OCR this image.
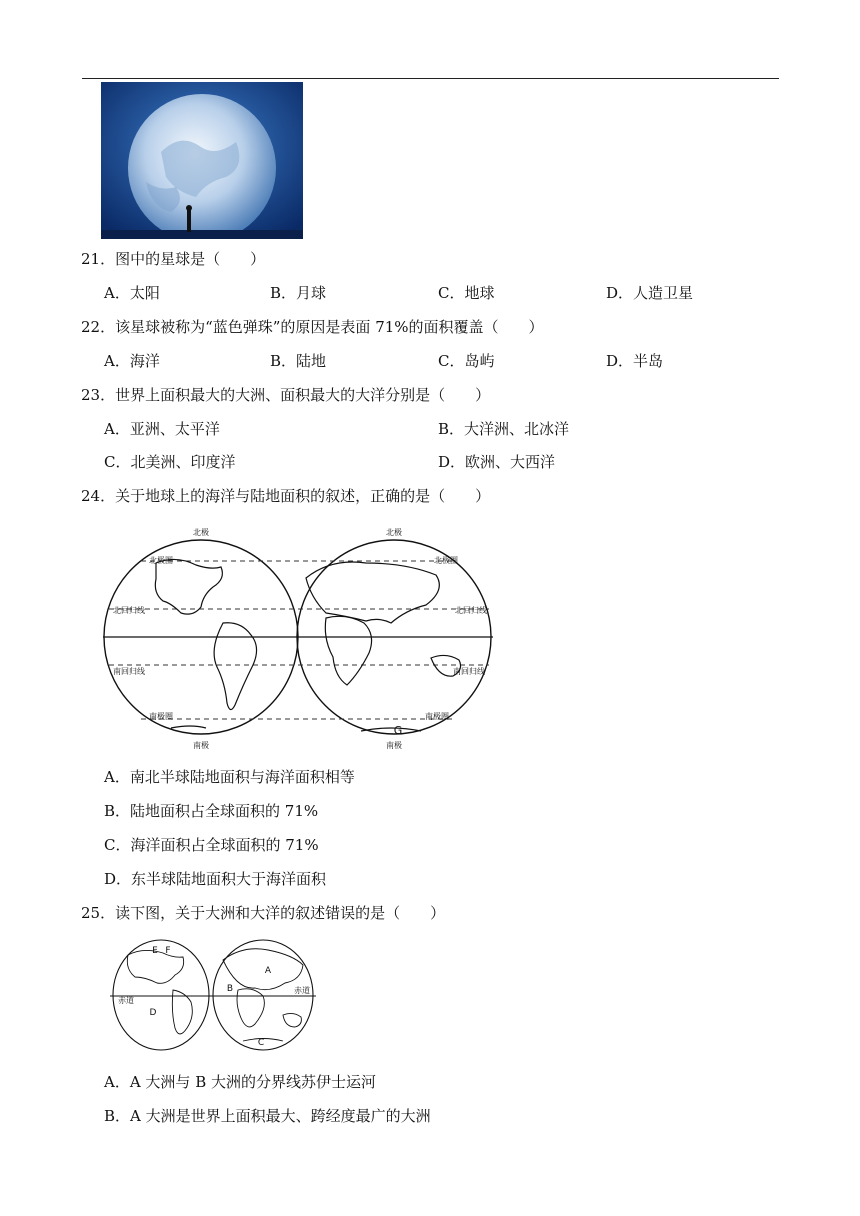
21．图中的星球是（　　）
A．太阳	B．月球	C．地球	D．人造卫星
22．该星球被称为“蓝色弹珠”的原因是表面 71%的面积覆盖（　　）
A．海洋	B．陆地	C．岛屿	D．半岛
23．世界上面积最大的大洲、面积最大的大洋分别是（　　）
A．亚洲、太平洋	B．大洋洲、北冰洋
C．北美洲、印度洋	D．欧洲、大西洋
24．关于地球上的海洋与陆地面积的叙述，正确的是（　　）
北极	北极
北极圈	北极圈
北回归线	北回归线
南回归线	南回归线
南极圈	南极圈
南极	南极
G
A．南北半球陆地面积与海洋面积相等
B．陆地面积占全球面积的 71%
C．海洋面积占全球面积的 71%
D．东半球陆地面积大于海洋面积
25．读下图，关于大洲和大洋的叙述错误的是（　　）
E F
A
B
D
C
赤道
赤道
A．A 大洲与 B 大洲的分界线苏伊士运河
B．A 大洲是世界上面积最大、跨经度最广的大洲
